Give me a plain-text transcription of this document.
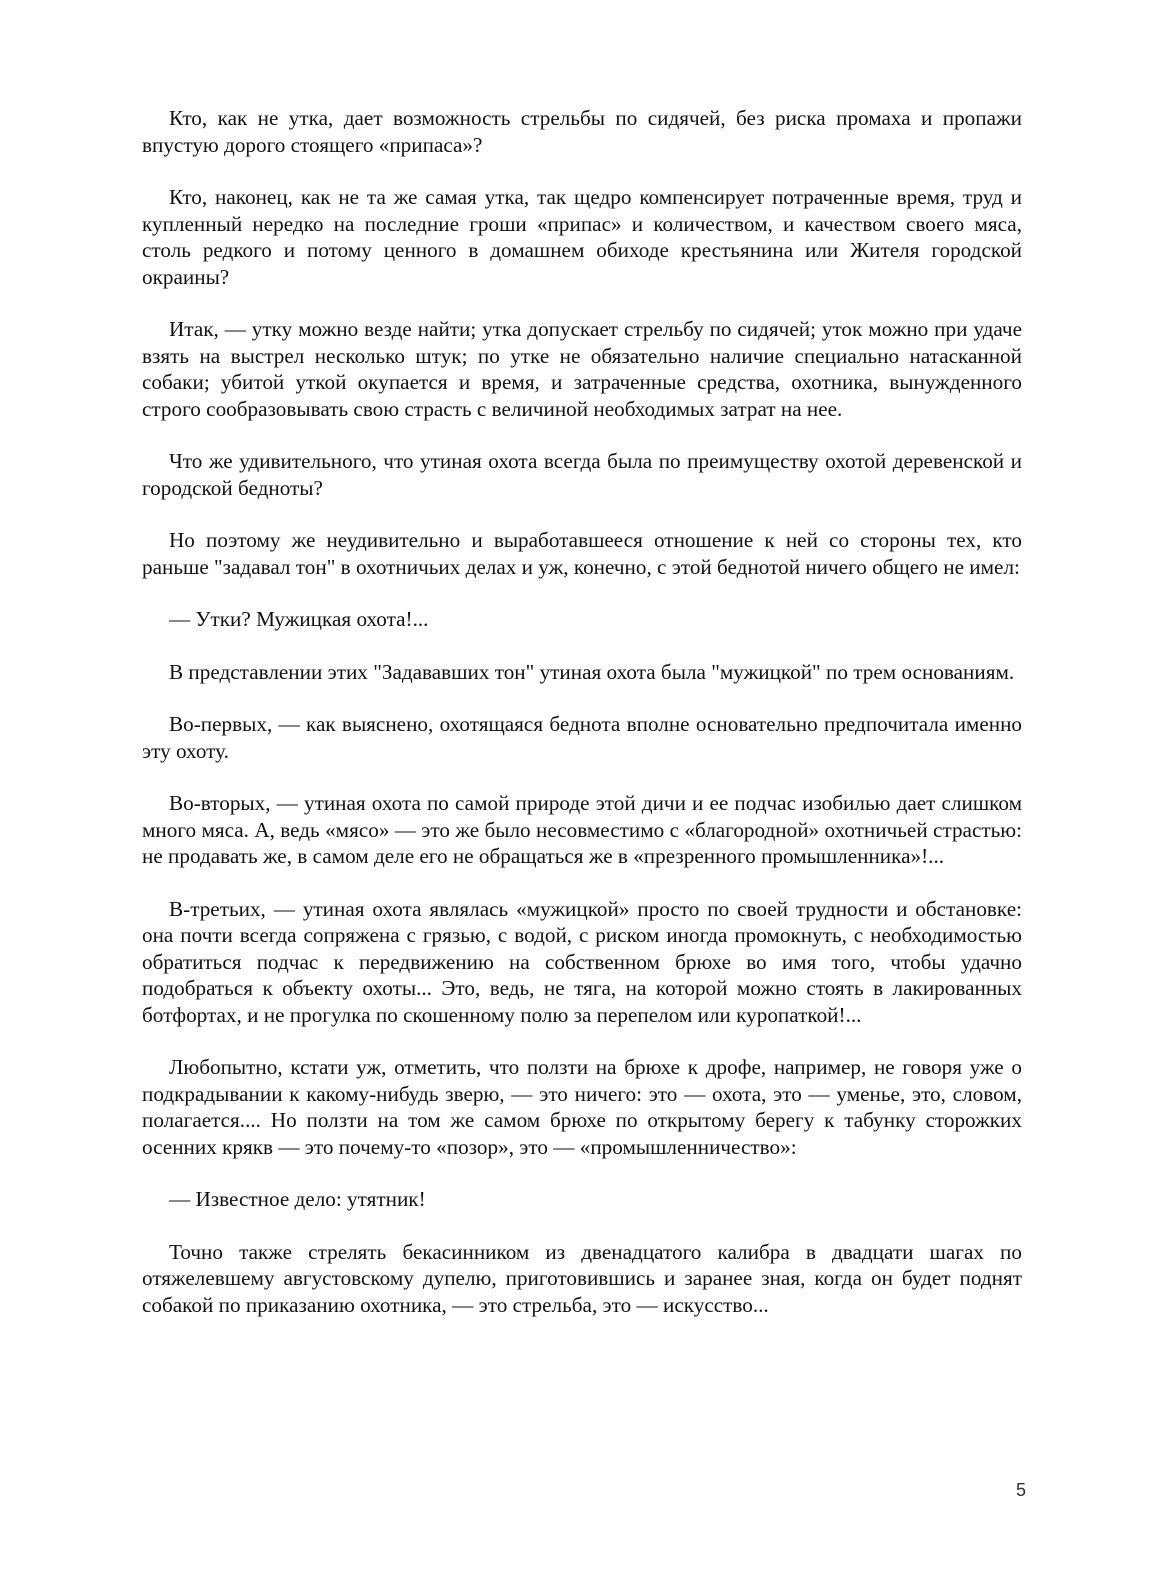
Кто, как не утка, дает возможность стрельбы по сидячей, без риска промаха и пропажи впустую дорого стоящего «припаса»?

Кто, наконец, как не та же самая утка, так щедро компенсирует потраченные время, труд и купленный нередко на последние гроши «припас» и количеством, и качеством своего мяса, столь редкого и потому ценного в домашнем обиходе крестьянина или Жителя городской окраины?

Итак, — утку можно везде найти; утка допускает стрельбу по сидячей; уток можно при удаче взять на выстрел несколько штук; по утке не обязательно наличие специально натасканной собаки; убитой уткой окупается и время, и затраченные средства, охотника, вынужденного строго сообразовывать свою страсть с величиной необходимых затрат на нее.

Что же удивительного, что утиная охота всегда была по преимуществу охотой деревенской и городской бедноты?

Но поэтому же неудивительно и выработавшееся отношение к ней со стороны тех, кто раньше "задавал тон" в охотничьих делах и уж, конечно, с этой беднотой ничего общего не имел:

— Утки? Мужицкая охота!...

В представлении этих "Задававших тон" утиная охота была "мужицкой" по трем основаниям.

Во-первых, — как выяснено, охотящаяся беднота вполне основательно предпочитала именно эту охоту.

Во-вторых, — утиная охота по самой природе этой дичи и ее подчас изобилью дает слишком много мяса. А, ведь «мясо» — это же было несовместимо с «благородной» охотничьей страстью: не продавать же, в самом деле его не обращаться же в «презренного промышленника»!...

В-третьих, — утиная охота являлась «мужицкой» просто по своей трудности и обстановке: она почти всегда сопряжена с грязью, с водой, с риском иногда промокнуть, с необходимостью обратиться подчас к передвижению на собственном брюхе во имя того, чтобы удачно подобраться к объекту охоты... Это, ведь, не тяга, на которой можно стоять в лакированных ботфортах, и не прогулка по скошенному полю за перепелом или куропаткой!...

Любопытно, кстати уж, отметить, что ползти на брюхе к дрофе, например, не говоря уже о подкрадывании к какому-нибудь зверю, — это ничего: это — охота, это — уменье, это, словом, полагается.... Но ползти на том же самом брюхе по открытому берегу к табунку сторожких осенних крякв — это почему-то «позор», это — «промышленничество»:

— Известное дело: утятник!

Точно также стрелять бекасинником из двенадцатого калибра в двадцати шагах по отяжелевшему августовскому дупелю, приготовившись и заранее зная, когда он будет поднят собакой по приказанию охотника, — это стрельба, это — искусство...

5
